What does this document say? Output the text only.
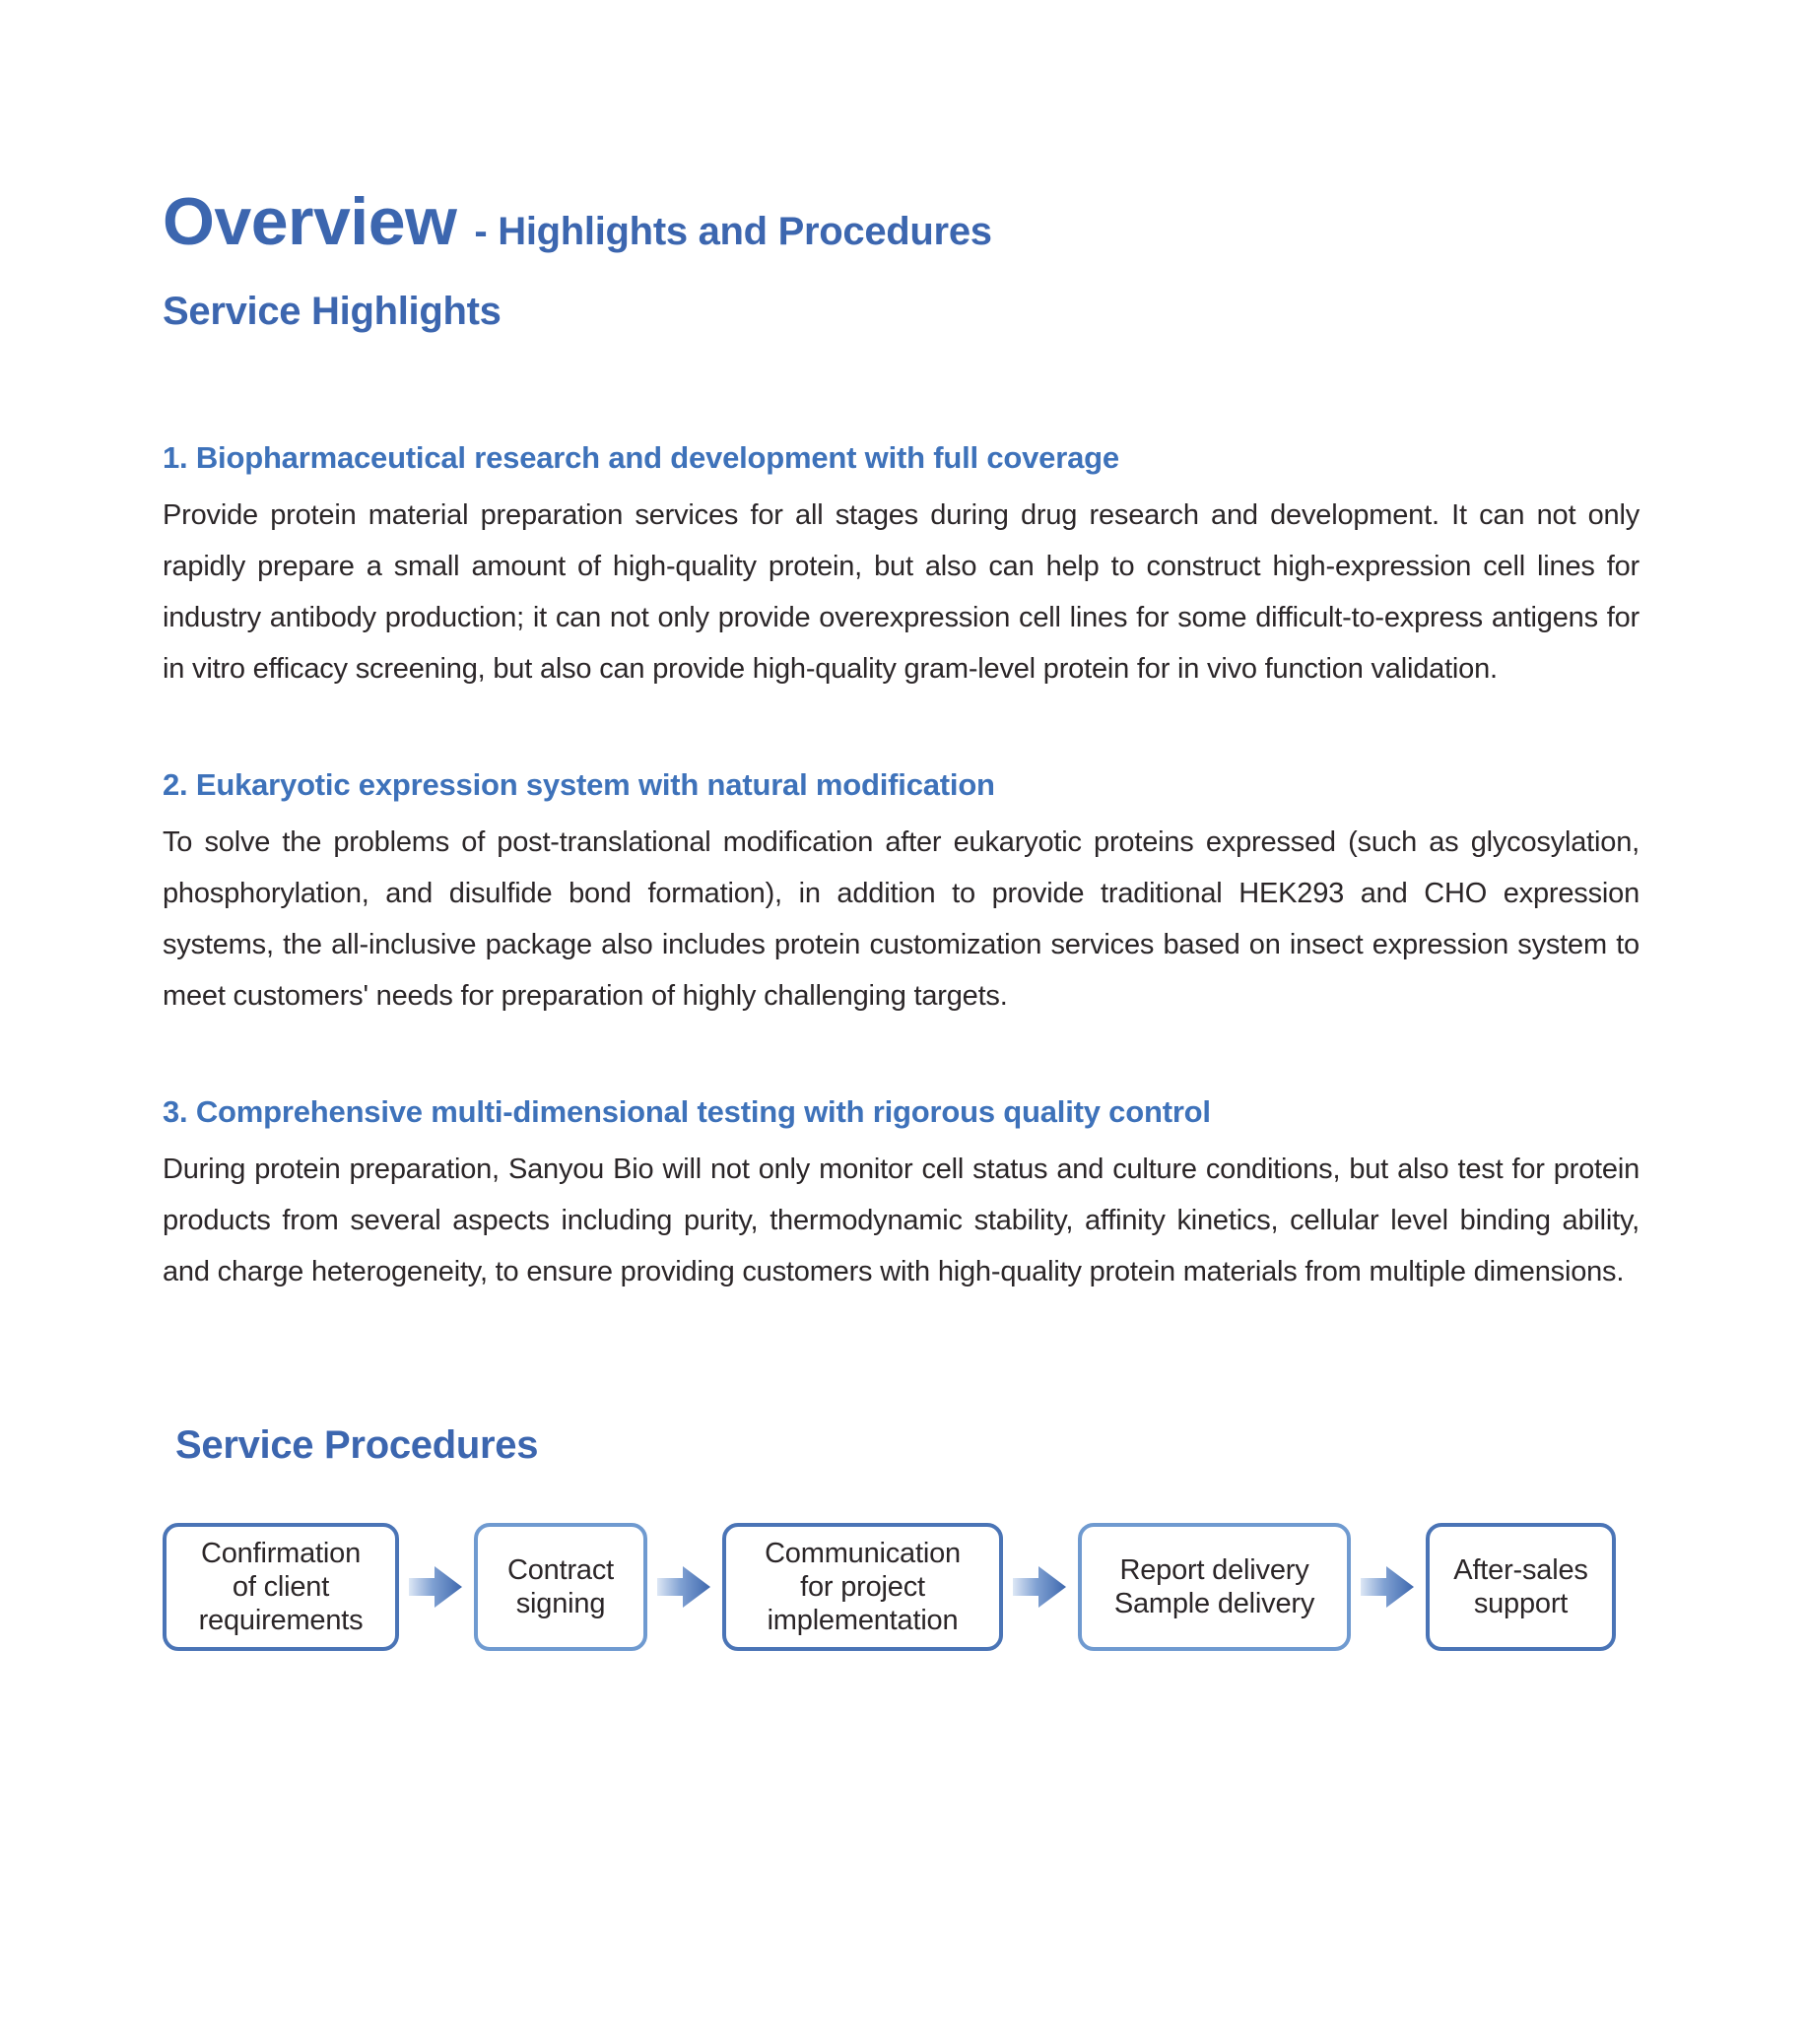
Overview - Highlights and Procedures
Service Highlights
1. Biopharmaceutical research and development with full coverage

Provide protein material preparation services for all stages during drug research and development. It can not only rapidly prepare a small amount of high-quality protein, but also can help to construct high-expression cell lines for industry antibody production; it can not only provide overexpression cell lines for some difficult-to-express antigens for in vitro efficacy screening, but also can provide high-quality gram-level protein for in vivo function validation.

2. Eukaryotic expression system with natural modification

To solve the problems of post-translational modification after eukaryotic proteins expressed (such as glycosylation, phosphorylation, and disulfide bond formation), in addition to provide traditional HEK293 and CHO expression systems, the all-inclusive package also includes protein customization services based on insect expression system to meet customers' needs for preparation of highly challenging targets.

3. Comprehensive multi-dimensional testing with rigorous quality control

During protein preparation, Sanyou Bio will not only monitor cell status and culture conditions, but also test for protein products from several aspects including purity, thermodynamic stability, affinity kinetics, cellular level binding ability, and charge heterogeneity, to ensure providing customers with high-quality protein materials from multiple dimensions.

Service Procedures
Confirmation
of client
requirements
Contract
signing
Communication
for project
implementation
Report delivery
Sample delivery
After-sales
support
